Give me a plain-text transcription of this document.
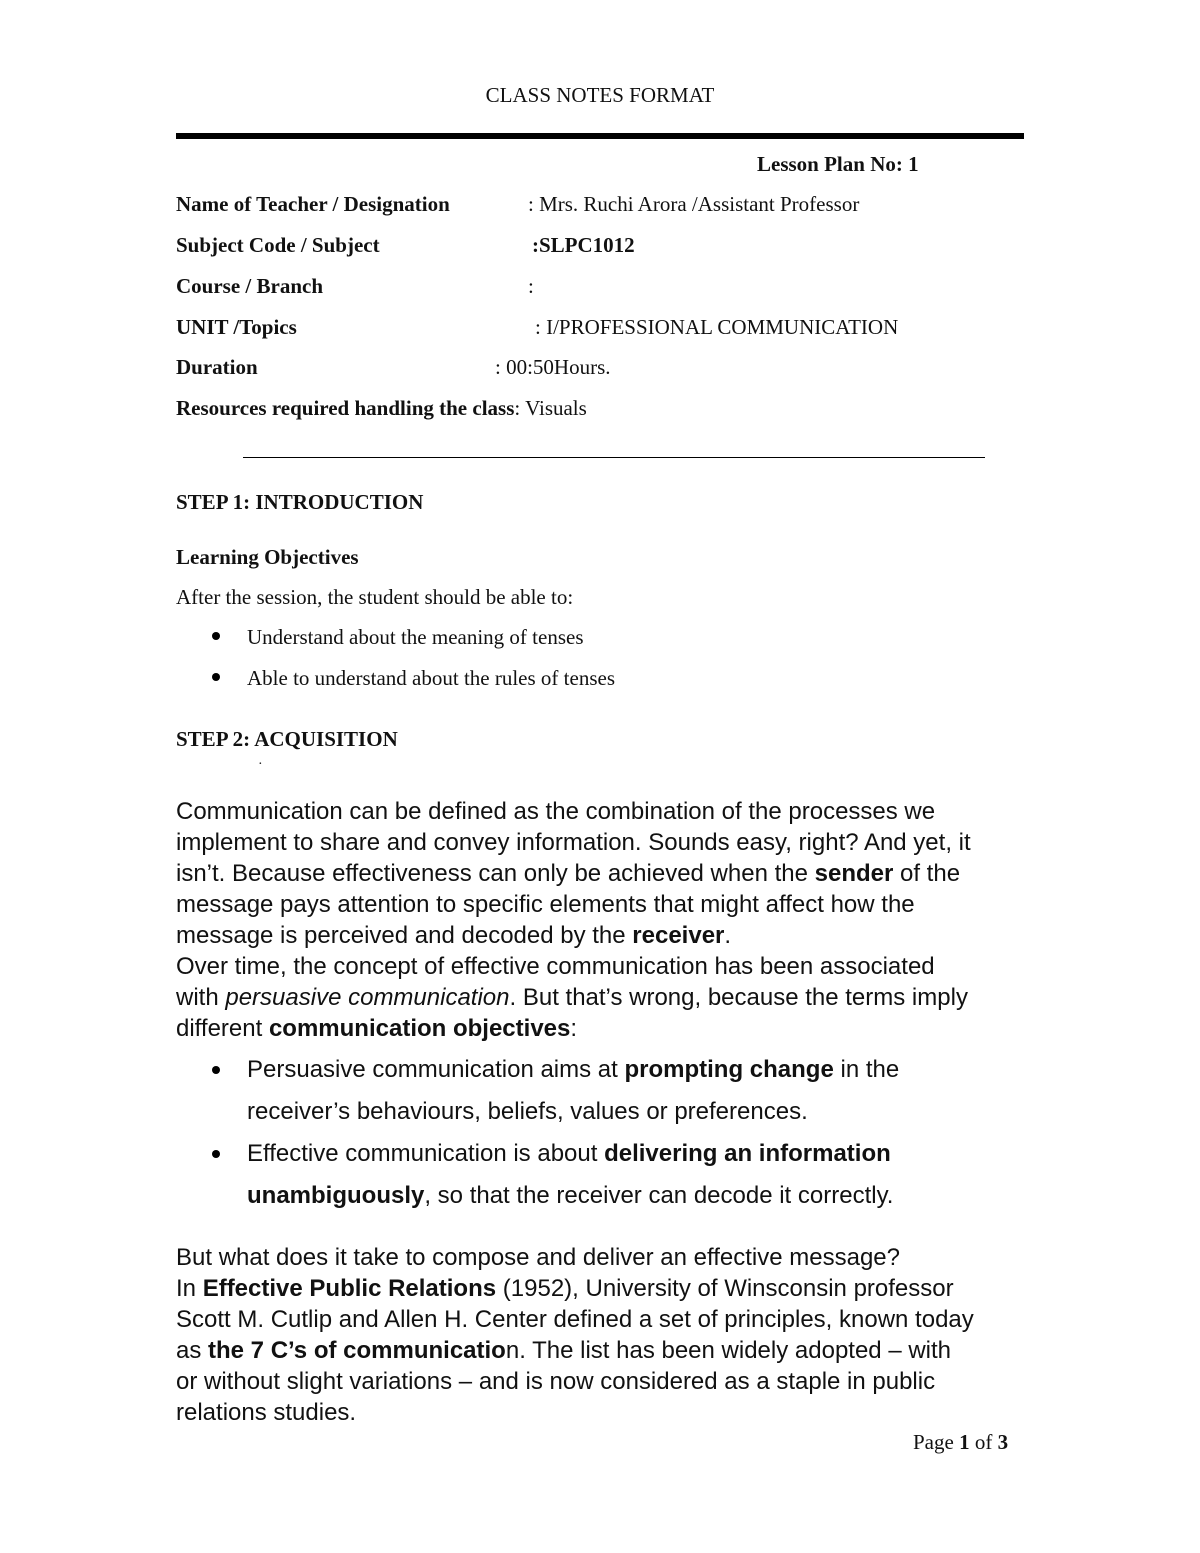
CLASS NOTES FORMAT
Lesson Plan No: 1
Name of Teacher / Designation	: Mrs. Ruchi Arora /Assistant Professor
Subject Code / Subject	:SLPC1012
Course / Branch	:
UNIT /Topics	: I/PROFESSIONAL COMMUNICATION
Duration	: 00:50Hours.
Resources required handling the class: Visuals
STEP 1: INTRODUCTION
Learning Objectives
After the session, the student should be able to:
Understand about the meaning of tenses
Able to understand about the rules of tenses
STEP 2: ACQUISITION
·
Communication can be defined as the combination of the processes we
implement to share and convey information. Sounds easy, right? And yet, it
isn’t. Because effectiveness can only be achieved when the sender of the
message pays attention to specific elements that might affect how the
message is perceived and decoded by the receiver.
Over time, the concept of effective communication has been associated
with persuasive communication. But that’s wrong, because the terms imply
different communication objectives:
Persuasive communication aims at prompting change in the
receiver’s behaviours, beliefs, values or preferences.
Effective communication is about delivering an information
unambiguously, so that the receiver can decode it correctly.
But what does it take to compose and deliver an effective message?
In Effective Public Relations (1952), University of Winsconsin professor
Scott M. Cutlip and Allen H. Center defined a set of principles, known today
as the 7 C’s of communication. The list has been widely adopted – with
or without slight variations – and is now considered as a staple in public
relations studies.
Page 1 of 3
